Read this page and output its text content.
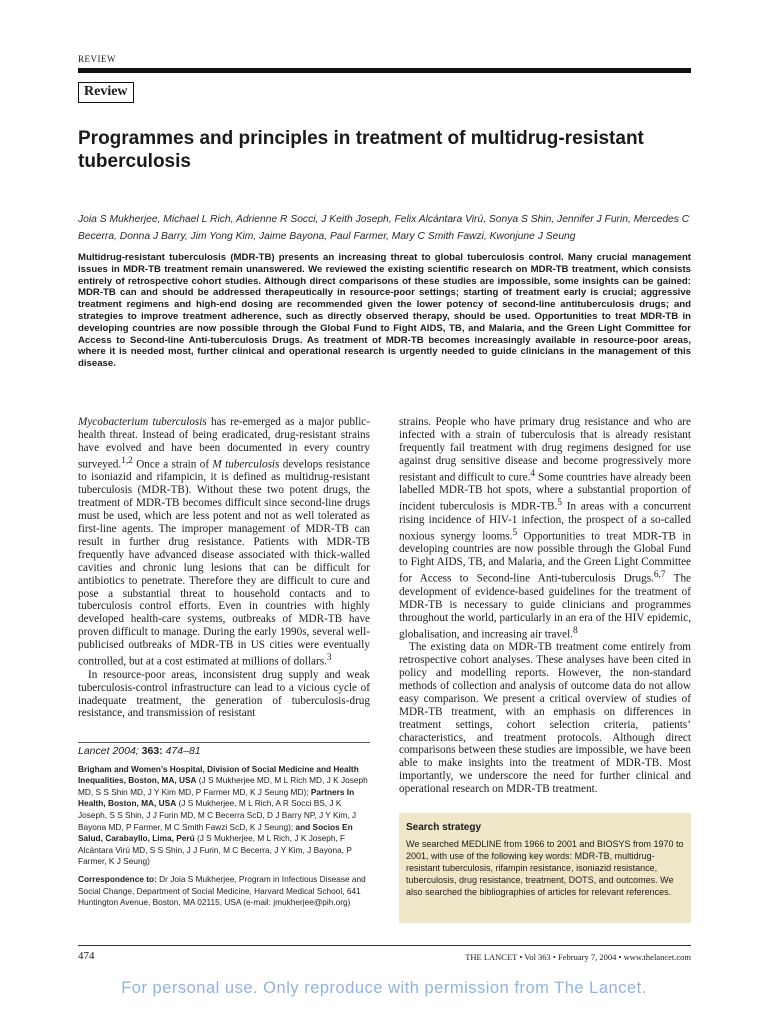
REVIEW
Review
Programmes and principles in treatment of multidrug-resistant tuberculosis
Joia S Mukherjee, Michael L Rich, Adrienne R Socci, J Keith Joseph, Felix Alcántara Virú, Sonya S Shin, Jennifer J Furin, Mercedes C Becerra, Donna J Barry, Jim Yong Kim, Jaime Bayona, Paul Farmer, Mary C Smith Fawzi, Kwonjune J Seung

Multidrug-resistant tuberculosis (MDR-TB) presents an increasing threat to global tuberculosis control. Many crucial management issues in MDR-TB treatment remain unanswered. We reviewed the existing scientific research on MDR-TB treatment, which consists entirely of retrospective cohort studies. Although direct comparisons of these studies are impossible, some insights can be gained: MDR-TB can and should be addressed therapeutically in resource-poor settings; starting of treatment early is crucial; aggressive treatment regimens and high-end dosing are recommended given the lower potency of second-line antituberculosis drugs; and strategies to improve treatment adherence, such as directly observed therapy, should be used. Opportunities to treat MDR-TB in developing countries are now possible through the Global Fund to Fight AIDS, TB, and Malaria, and the Green Light Committee for Access to Second-line Anti-tuberculosis Drugs. As treatment of MDR-TB becomes increasingly available in resource-poor areas, where it is needed most, further clinical and operational research is urgently needed to guide clinicians in the management of this disease.

Mycobacterium tuberculosis has re-emerged as a major public-health threat. Instead of being eradicated, drug-resistant strains have evolved and have been documented in every country surveyed.$^{1,2}$ Once a strain of M tuberculosis develops resistance to isoniazid and rifampicin, it is defined as multidrug-resistant tuberculosis (MDR-TB). Without these two potent drugs, the treatment of MDR-TB becomes difficult since second-line drugs must be used, which are less potent and not as well tolerated as first-line agents. The improper management of MDR-TB can result in further drug resistance. Patients with MDR-TB frequently have advanced disease associated with thick-walled cavities and chronic lung lesions that can be difficult for antibiotics to penetrate. Therefore they are difficult to cure and pose a substantial threat to household contacts and to tuberculosis control efforts. Even in countries with highly developed health-care systems, outbreaks of MDR-TB have proven difficult to manage. During the early 1990s, several well-publicised outbreaks of MDR-TB in US cities were eventually controlled, but at a cost estimated at millions of dollars.$^3$

In resource-poor areas, inconsistent drug supply and weak tuberculosis-control infrastructure can lead to a vicious cycle of inadequate treatment, the generation of tuberculosis-drug resistance, and transmission of resistant

Lancet 2004; 363: 474–81

Brigham and Women’s Hospital, Division of Social Medicine and Health Inequalities, Boston, MA, USA (J S Mukherjee MD, M L Rich MD, J K Joseph MD, S S Shin MD, J Y Kim MD, P Farmer MD, K J Seung MD); Partners In Health, Boston, MA, USA (J S Mukherjee, M L Rich, A R Socci BS, J K Joseph, S S Shin, J J Furin MD, M C Becerra ScD, D J Barry NP, J Y Kim, J Bayona MD, P Farmer, M C Smith Fawzi ScD, K J Seung); and Socios En Salud, Carabayllo, Lima, Perú (J S Mukherjee, M L Rich, J K Joseph, F Alcántara Virú MD, S S Shin, J J Furin, M C Becerra, J Y Kim, J Bayona, P Farmer, K J Seung)

Correspondence to: Dr Joia S Mukherjee, Program in Infectious Disease and Social Change, Department of Social Medicine, Harvard Medical School, 641 Huntington Avenue, Boston, MA 02115, USA (e-mail: jmukherjee@pih.org)

strains. People who have primary drug resistance and who are infected with a strain of tuberculosis that is already resistant frequently fail treatment with drug regimens designed for use against drug sensitive disease and become progressively more resistant and difficult to cure.$^4$ Some countries have already been labelled MDR-TB hot spots, where a substantial proportion of incident tuberculosis is MDR-TB.$^5$ In areas with a concurrent rising incidence of HIV-1 infection, the prospect of a so-called noxious synergy looms.$^5$ Opportunities to treat MDR-TB in developing countries are now possible through the Global Fund to Fight AIDS, TB, and Malaria, and the Green Light Committee for Access to Second-line Anti-tuberculosis Drugs.$^{6,7}$ The development of evidence-based guidelines for the treatment of MDR-TB is necessary to guide clinicians and programmes throughout the world, particularly in an era of the HIV epidemic, globalisation, and increasing air travel.$^8$

The existing data on MDR-TB treatment come entirely from retrospective cohort analyses. These analyses have been cited in policy and modelling reports. However, the non-standard methods of collection and analysis of outcome data do not allow easy comparison. We present a critical overview of studies of MDR-TB treatment, with an emphasis on differences in treatment settings, cohort selection criteria, patients’ characteristics, and treatment protocols. Although direct comparisons between these studies are impossible, we have been able to make insights into the treatment of MDR-TB. Most importantly, we underscore the need for further clinical and operational research on MDR-TB treatment.

Search strategy

We searched MEDLINE from 1966 to 2001 and BIOSYS from 1970 to 2001, with use of the following key words: MDR-TB, multidrug-resistant tuberculosis, rifampin resistance, isoniazid resistance, tuberculosis, drug resistance, treatment, DOTS, and outcomes. We also searched the bibliographies of articles for relevant references.

474	THE LANCET • Vol 363 • February 7, 2004 • www.thelancet.com
For personal use. Only reproduce with permission from The Lancet.
